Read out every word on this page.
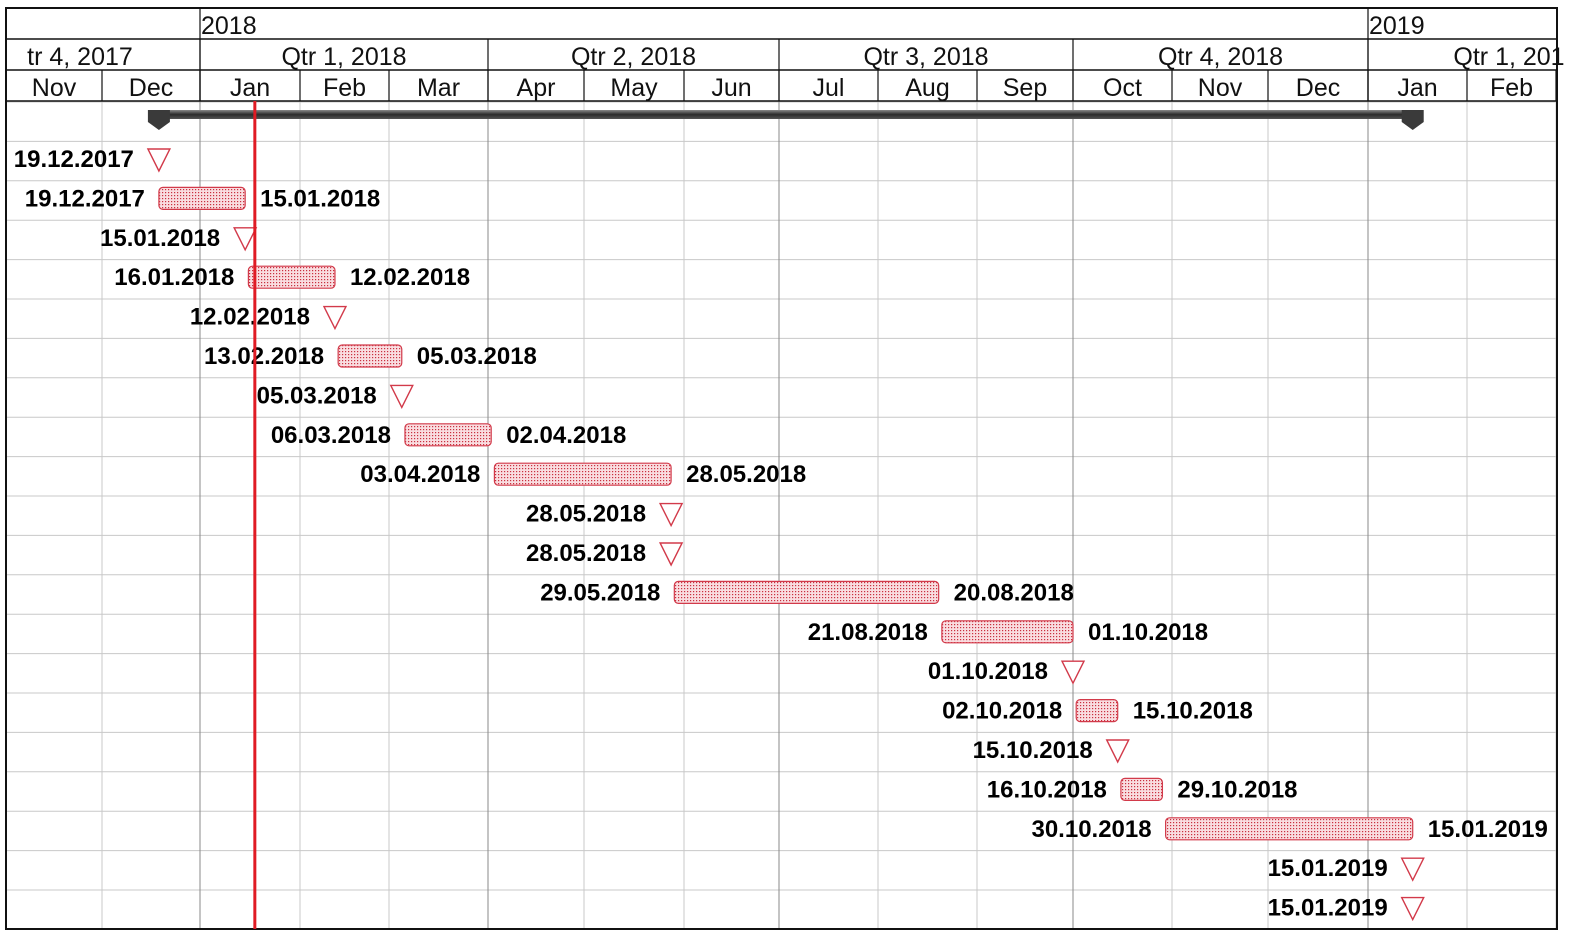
2018	2019
tr 4, 2017	Qtr 1, 2018	Qtr 2, 2018	Qtr 3, 2018	Qtr 4, 2018	Qtr 1, 201
Nov Dec Jan Feb Mar Apr May Jun Jul Aug Sep Oct Nov Dec Jan Feb
19.12.2017
19.12.2017	15.01.2018
15.01.2018
16.01.2018	12.02.2018
12.02.2018
13.02.2018	05.03.2018
05.03.2018
06.03.2018	02.04.2018
03.04.2018	28.05.2018
28.05.2018
28.05.2018
29.05.2018	20.08.2018
21.08.2018	01.10.2018
01.10.2018
02.10.2018	15.10.2018
15.10.2018
16.10.2018	29.10.2018
30.10.2018	15.01.2019
15.01.2019
15.01.2019
